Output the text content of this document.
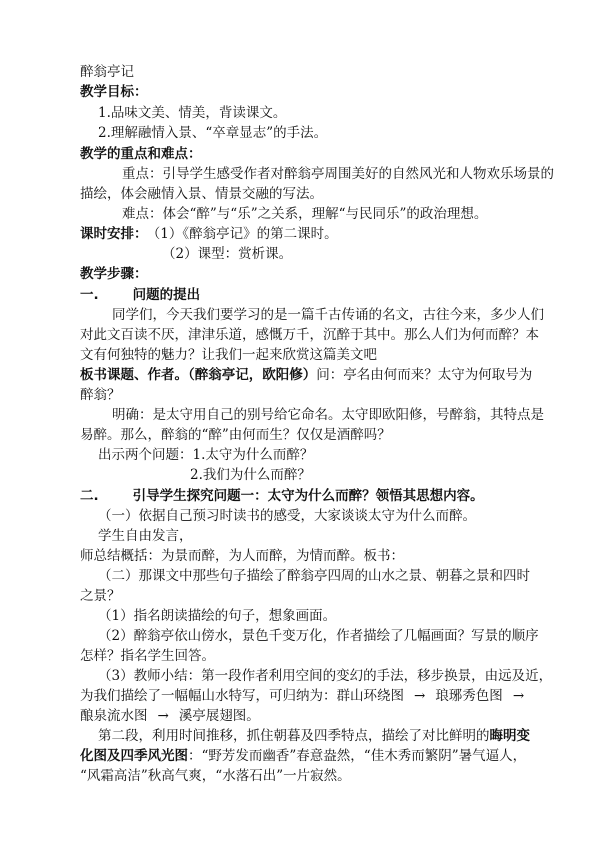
醉翁亭记
教学目标：
1.品味文美、情美，背读课文。
2.理解融情入景、“卒章显志”的手法。
教学的重点和难点：
重点：引导学生感受作者对醉翁亭周围美好的自然风光和人物欢乐场景的
描绘，体会融情入景、情景交融的写法。
难点：体会“醉”与“乐”之关系，理解“与民同乐”的政治理想。
课时安排： （1）《醉翁亭记》的第二课时。
（2）课型：赏析课。
教学步骤：
一.	问题的提出
同学们，今天我们要学习的是一篇千古传诵的名文，古往今来，多少人们
对此文百读不厌，津津乐道，感慨万千，沉醉于其中。那么人们为何而醉？本
文有何独特的魅力？让我们一起来欣赏这篇美文吧
板书课题、作者。（醉翁亭记，欧阳修）问：亭名由何而来？太守为何取号为
醉翁？
明确：是太守用自己的别号给它命名。太守即欧阳修，号醉翁，其特点是
易醉。那么，醉翁的“醉”由何而生？仅仅是酒醉吗？
出示两个问题：1.太守为什么而醉？
2.我们为什么而醉？
二.	引导学生探究问题一：太守为什么而醉？领悟其思想内容。
（一）依据自己预习时读书的感受，大家谈谈太守为什么而醉。
学生自由发言，
师总结概括：为景而醉，为人而醉，为情而醉。板书：
（二）那课文中那些句子描绘了醉翁亭四周的山水之景、朝暮之景和四时
之景？
（1）指名朗读描绘的句子，想象画面。
（2）醉翁亭依山傍水，景色千变万化，作者描绘了几幅画面？写景的顺序
怎样？指名学生回答。
（3）教师小结：第一段作者利用空间的变幻的手法，移步换景，由远及近，
为我们描绘了一幅幅山水特写，可归纳为：群山环绕图 → 琅琊秀色图 →
酿泉流水图 → 溪亭展翅图。
第二段，利用时间推移，抓住朝暮及四季特点，描绘了对比鲜明的晦明变
化图及四季风光图：“野芳发而幽香”春意盎然，“佳木秀而繁阴”暑气逼人，
“风霜高洁”秋高气爽，“水落石出”一片寂然。
